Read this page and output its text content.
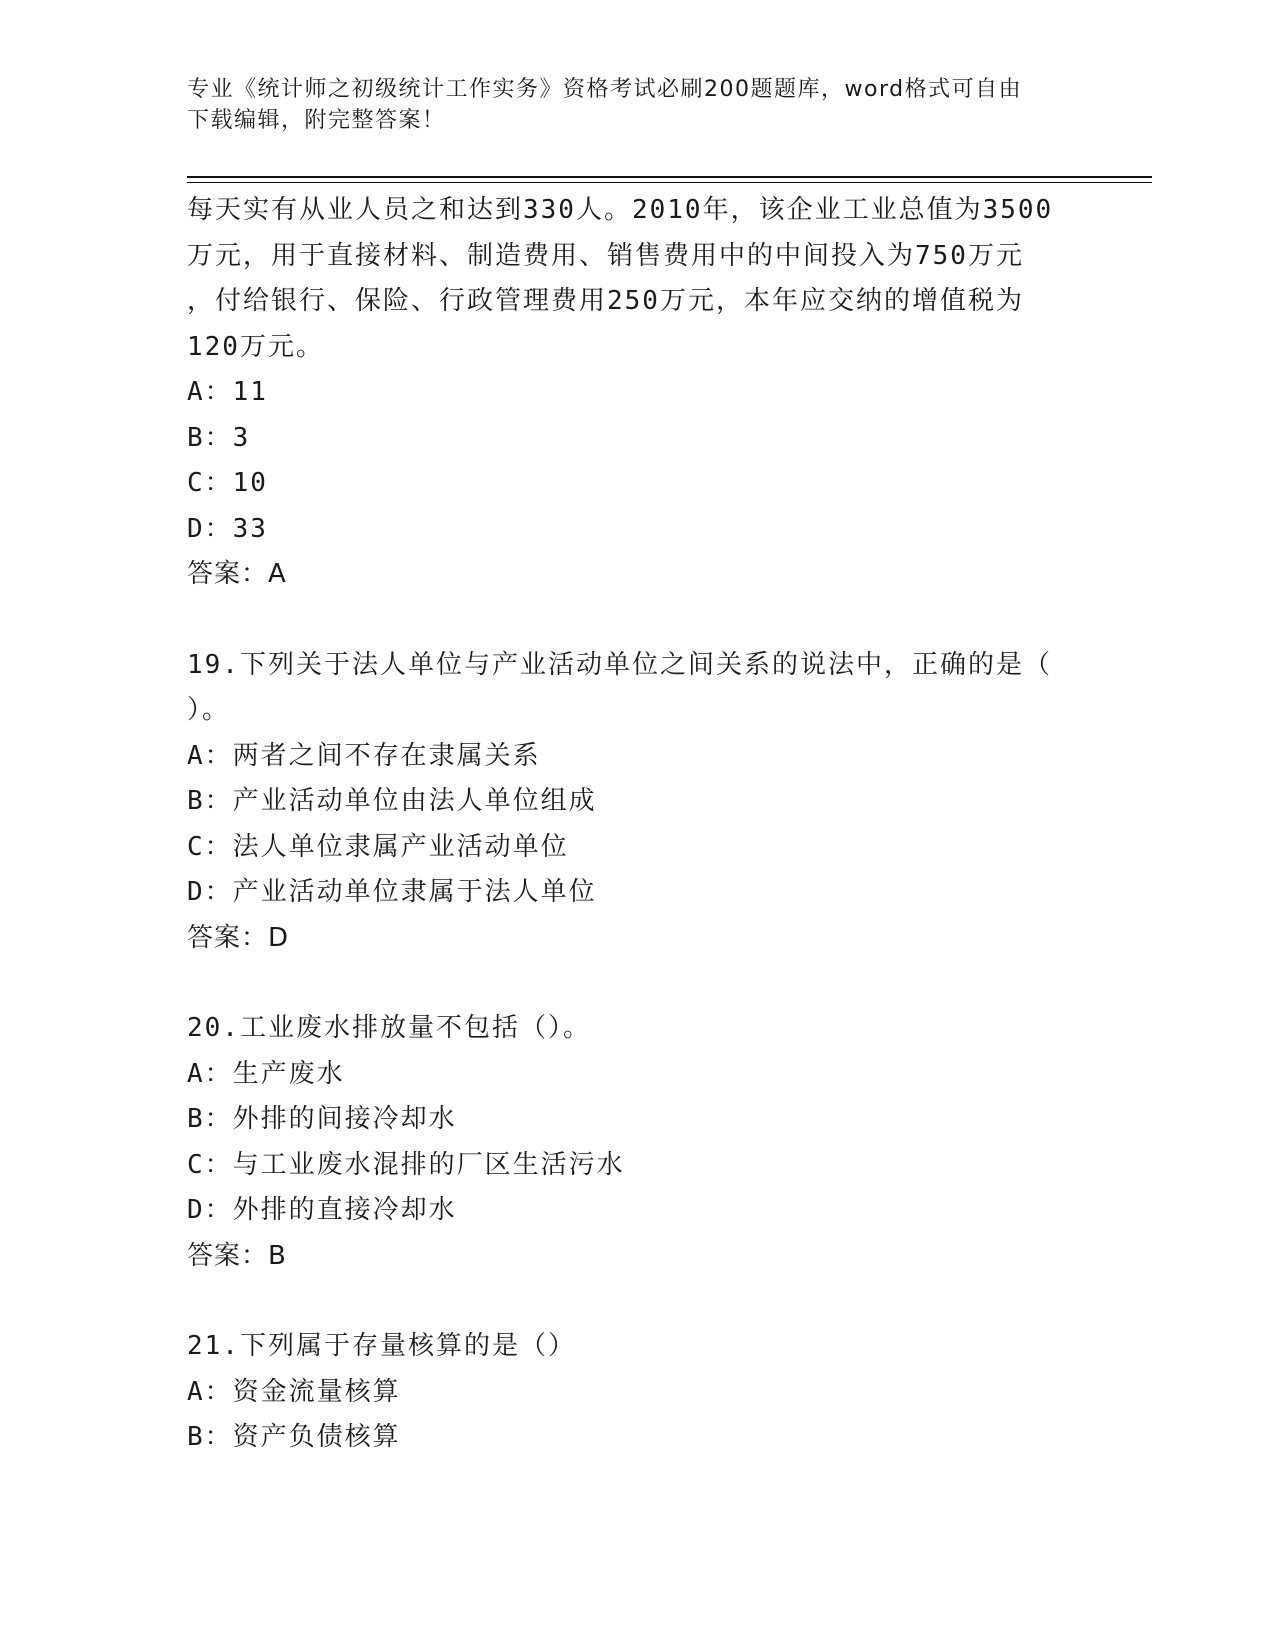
专业《统计师之初级统计工作实务》资格考试必刷200题题库，word格式可自由
下载编辑，附完整答案！
每天实有从业人员之和达到330人。2010年，该企业工业总值为3500
万元，用于直接材料、制造费用、销售费用中的中间投入为750万元
，付给银行、保险、行政管理费用250万元，本年应交纳的增值税为
120万元。
A：11
B：3
C：10
D：33
答案：A
19.下列关于法人单位与产业活动单位之间关系的说法中，正确的是（
）。
A：两者之间不存在隶属关系
B：产业活动单位由法人单位组成
C：法人单位隶属产业活动单位
D：产业活动单位隶属于法人单位
答案：D
20.工业废水排放量不包括（）。
A：生产废水
B：外排的间接冷却水
C：与工业废水混排的厂区生活污水
D：外排的直接冷却水
答案：B
21.下列属于存量核算的是（）
A：资金流量核算
B：资产负债核算
